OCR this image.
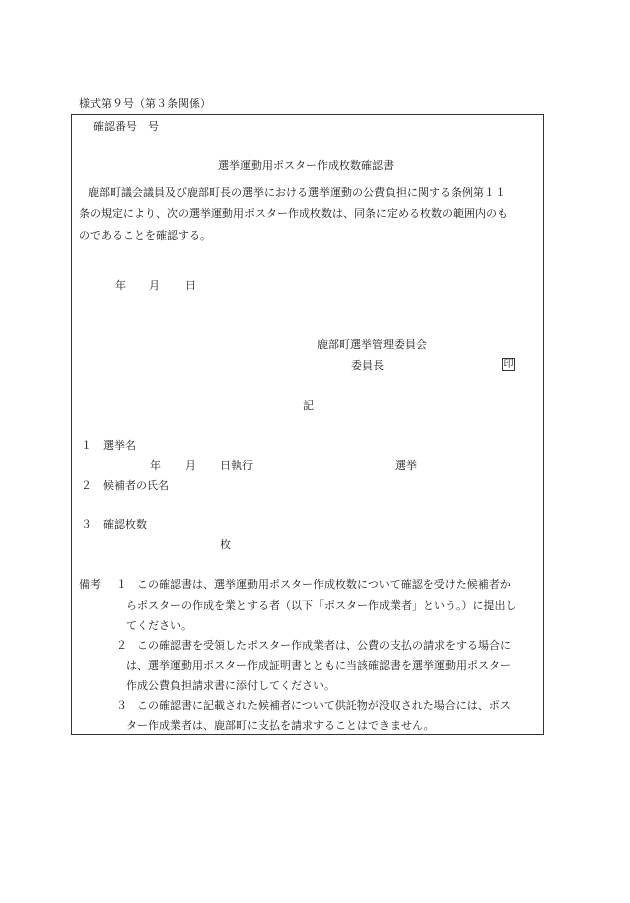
様式第９号（第３条関係）
確認番号　号
選挙運動用ポスター作成枚数確認書
鹿部町議会議員及び鹿部町長の選挙における選挙運動の公費負担に関する条例第１１
条の規定により、次の選挙運動用ポスター作成枚数は、同条に定める枚数の範囲内のも
のであることを確認する。
年 月 日
鹿部町選挙管理委員会
委員長	印
記
１ 選挙名
年 月 日執行	選挙
２ 候補者の氏名
３ 確認枚数
枚
備考 １ この確認書は、選挙運動用ポスター作成枚数について確認を受けた候補者か
らポスターの作成を業とする者（以下「ポスター作成業者」という。）に提出し
てください。
２ この確認書を受領したポスター作成業者は、公費の支払の請求をする場合に
は、選挙運動用ポスター作成証明書とともに当該確認書を選挙運動用ポスター
作成公費負担請求書に添付してください。
３ この確認書に記載された候補者について供託物が没収された場合には、ポス
ター作成業者は、鹿部町に支払を請求することはできません。
